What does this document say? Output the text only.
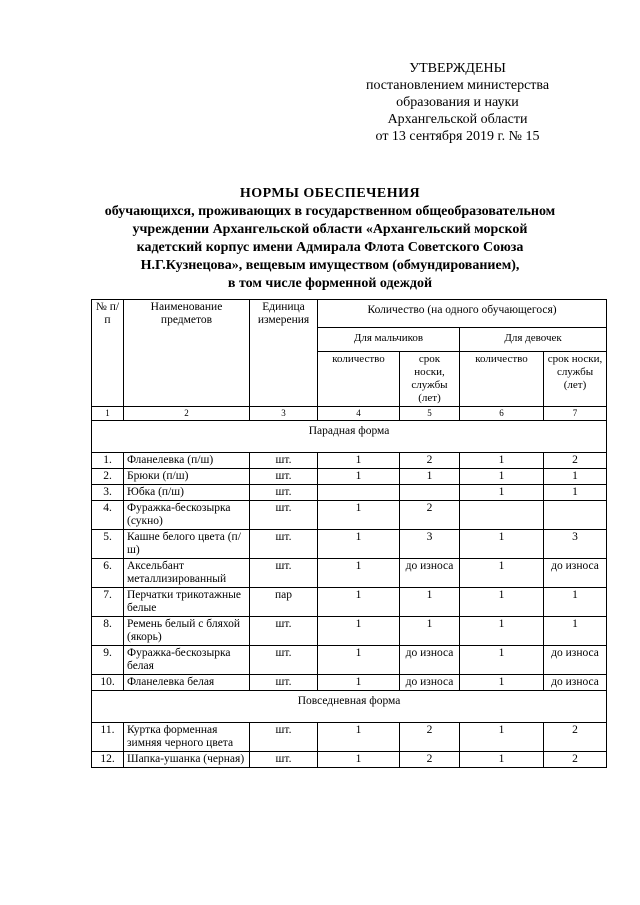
УТВЕРЖДЕНЫ
постановлением министерства
образования и науки
Архангельской области
от 13 сентября 2019 г. № 15
НОРМЫ ОБЕСПЕЧЕНИЯ
обучающихся, проживающих в государственном общеобразовательном
учреждении Архангельской области «Архангельский морской
кадетский корпус имени Адмирала Флота Советского Союза
Н.Г.Кузнецова», вещевым имуществом (обмундированием),
в том числе форменной одеждой
№ п/п	Наименование предметов	Единица измерения	Количество (на одного обучающегося)			
			Для мальчиков		Для девочек	
			количество	срок носки, службы (лет)	количество	срок носки, службы (лет)
1	2	3	4	5	6	7
Парадная форма						
1.	Фланелевка (п/ш)	шт.	1	2	1	2
2.	Брюки (п/ш)	шт.	1	1	1	1
3.	Юбка (п/ш)	шт.			1	1
4.	Фуражка-бескозырка (сукно)	шт.	1	2		
5.	Кашне белого цвета (п/ш)	шт.	1	3	1	3
6.	Аксельбант металлизированный	шт.	1	до износа	1	до износа
7.	Перчатки трикотажные белые	пар	1	1	1	1
8.	Ремень белый с бляхой (якорь)	шт.	1	1	1	1
9.	Фуражка-бескозырка белая	шт.	1	до износа	1	до износа
10.	Фланелевка белая	шт.	1	до износа	1	до износа
Повседневная форма						
11.	Куртка форменная зимняя черного цвета	шт.	1	2	1	2
12.	Шапка-ушанка (черная)	шт.	1	2	1	2
